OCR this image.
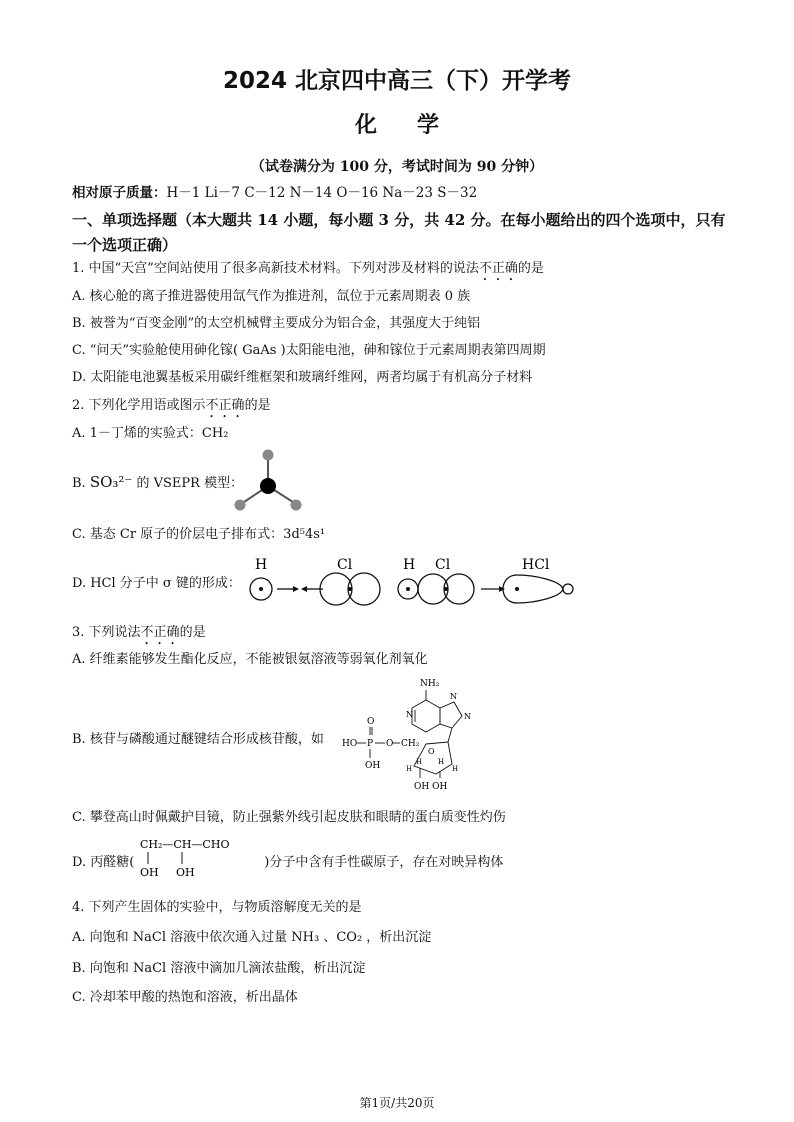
2024 北京四中高三（下）开学考
化学
（试卷满分为 100 分，考试时间为 90 分钟）
相对原子质量：H－1 Li－7 C－12 N－14 O－16 Na－23 S－32
一、单项选择题（本大题共 14 小题，每小题 3 分，共 42 分。在每小题给出的四个选项中，只有一个选项正确）
1. 中国“天宫”空间站使用了很多高新技术材料。下列对涉及材料的说法不正确的是
A. 核心舱的离子推进器使用氙气作为推进剂，氙位于元素周期表 0 族
B. 被誉为“百变金刚”的太空机械臂主要成分为铝合金，其强度大于纯铝
C. “问天”实验舱使用砷化镓( GaAs )太阳能电池，砷和镓位于元素周期表第四周期
D. 太阳能电池翼基板采用碳纤维框架和玻璃纤维网，两者均属于有机高分子材料
2. 下列化学用语或图示不正确的是
A. 1－丁烯的实验式：CH₂
B. SO₃²⁻ 的 VSEPR 模型：
C. 基态 Cr 原子的价层电子排布式：3d⁵4s¹
D. HCl 分子中 σ 键的形成：
H	Cl	H Cl	HCl
3. 下列说法不正确的是
A. 纤维素能够发生酯化反应，不能被银氨溶液等弱氧化剂氧化
B. 核苷与磷酸通过醚键结合形成核苷酸，如
NH₂
N
N
N
O
HO P O CH₂
OH
O
H H
H	H
OH OH
C. 攀登高山时佩戴护目镜，防止强紫外线引起皮肤和眼睛的蛋白质变性灼伤
D. 丙醛糖(	)分子中含有手性碳原子，存在对映异构体
CH₂—CH—CHO
OH OH
4. 下列产生固体的实验中，与物质溶解度无关的是
A. 向饱和 NaCl 溶液中依次通入过量 NH₃ 、CO₂ ，析出沉淀
B. 向饱和 NaCl 溶液中滴加几滴浓盐酸，析出沉淀
C. 冷却苯甲酸的热饱和溶液，析出晶体
第1页/共20页
